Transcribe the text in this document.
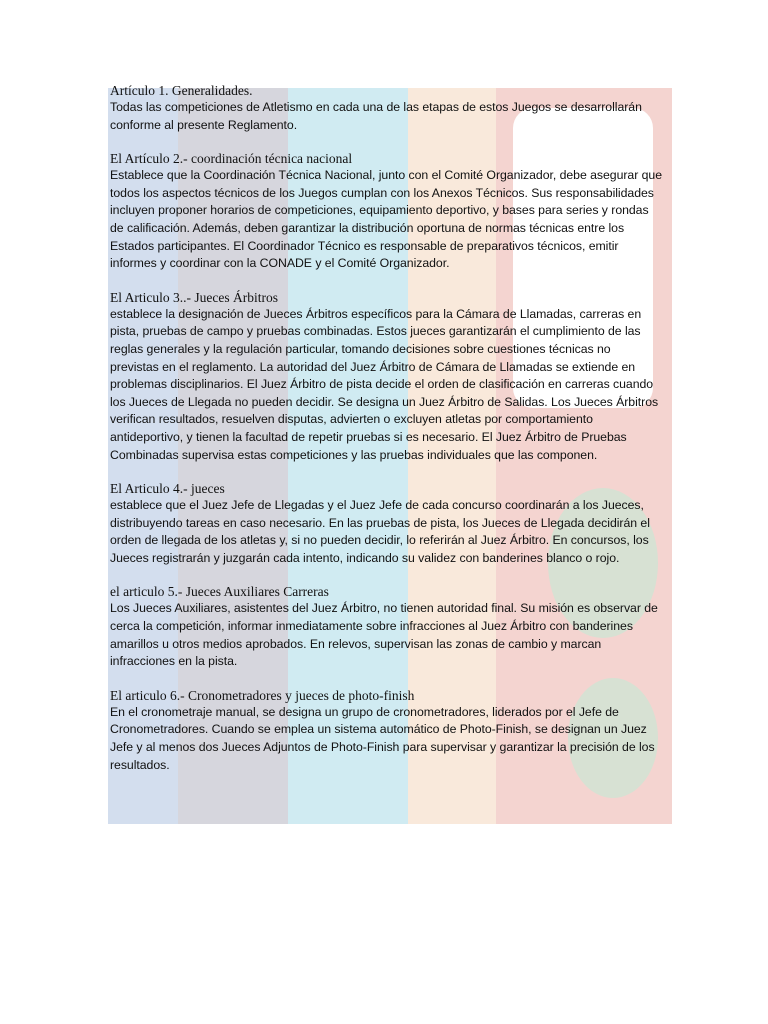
Artículo 1. Generalidades.

Todas las competiciones de Atletismo en cada una de las etapas de estos Juegos se desarrollarán conforme al presente Reglamento.

El Artículo 2.- coordinación técnica nacional

Establece que la Coordinación Técnica Nacional, junto con el Comité Organizador, debe asegurar que todos los aspectos técnicos de los Juegos cumplan con los Anexos Técnicos. Sus responsabilidades incluyen proponer horarios de competiciones, equipamiento deportivo, y bases para series y rondas de calificación. Además, deben garantizar la distribución oportuna de normas técnicas entre los Estados participantes. El Coordinador Técnico es responsable de preparativos técnicos, emitir informes y coordinar con la CONADE y el Comité Organizador.

El Articulo 3..- Jueces Árbitros

establece la designación de Jueces Árbitros específicos para la Cámara de Llamadas, carreras en pista, pruebas de campo y pruebas combinadas. Estos jueces garantizarán el cumplimiento de las reglas generales y la regulación particular, tomando decisiones sobre cuestiones técnicas no previstas en el reglamento. La autoridad del Juez Árbitro de Cámara de Llamadas se extiende en problemas disciplinarios. El Juez Árbitro de pista decide el orden de clasificación en carreras cuando los Jueces de Llegada no pueden decidir. Se designa un Juez Árbitro de Salidas. Los Jueces Árbitros verifican resultados, resuelven disputas, advierten o excluyen atletas por comportamiento antideportivo, y tienen la facultad de repetir pruebas si es necesario. El Juez Árbitro de Pruebas Combinadas supervisa estas competiciones y las pruebas individuales que las componen.

El Articulo 4.- jueces

establece que el Juez Jefe de Llegadas y el Juez Jefe de cada concurso coordinarán a los Jueces, distribuyendo tareas en caso necesario. En las pruebas de pista, los Jueces de Llegada decidirán el orden de llegada de los atletas y, si no pueden decidir, lo referirán al Juez Árbitro. En concursos, los Jueces registrarán y juzgarán cada intento, indicando su validez con banderines blanco o rojo.

el articulo 5.- Jueces Auxiliares Carreras

Los Jueces Auxiliares, asistentes del Juez Árbitro, no tienen autoridad final. Su misión es observar de cerca la competición, informar inmediatamente sobre infracciones al Juez Árbitro con banderines amarillos u otros medios aprobados. En relevos, supervisan las zonas de cambio y marcan infracciones en la pista.

El articulo 6.- Cronometradores y jueces de photo-finish

En el cronometraje manual, se designa un grupo de cronometradores, liderados por el Jefe de Cronometradores. Cuando se emplea un sistema automático de Photo-Finish, se designan un Juez Jefe y al menos dos Jueces Adjuntos de Photo-Finish para supervisar y garantizar la precisión de los resultados.
